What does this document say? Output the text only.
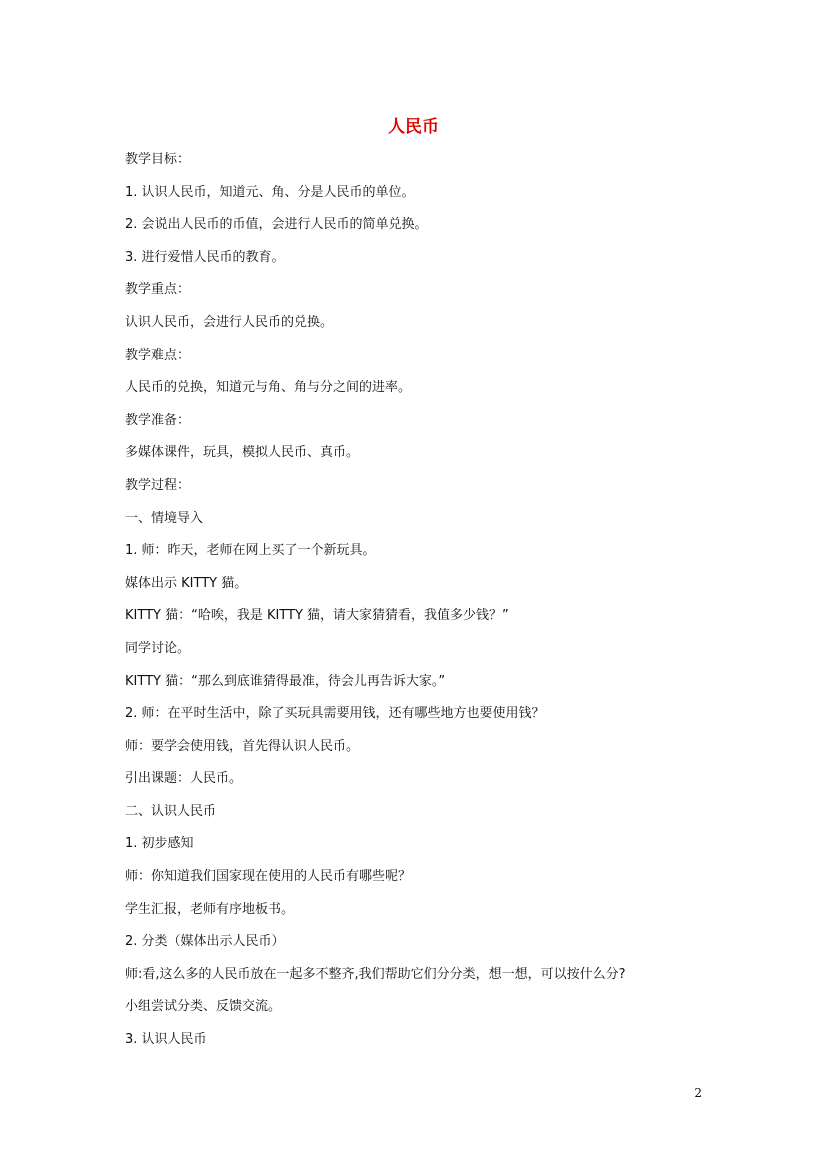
人民币
教学目标：
1. 认识人民币，知道元、角、分是人民币的单位。
2. 会说出人民币的币值，会进行人民币的简单兑换。
3. 进行爱惜人民币的教育。
教学重点：
认识人民币，会进行人民币的兑换。
教学难点：
人民币的兑换，知道元与角、角与分之间的进率。
教学准备：
多媒体课件，玩具，模拟人民币、真币。
教学过程：
一、情境导入
1. 师：昨天，老师在网上买了一个新玩具。
媒体出示 KITTY 猫。
KITTY 猫：“哈唉，我是 KITTY 猫，请大家猜猜看，我值多少钱？”
同学讨论。
KITTY 猫：“那么到底谁猜得最准，待会儿再告诉大家。”
2. 师：在平时生活中，除了买玩具需要用钱，还有哪些地方也要使用钱？
师：要学会使用钱，首先得认识人民币。
引出课题：人民币。
二、认识人民币
1. 初步感知
师：你知道我们国家现在使用的人民币有哪些呢？
学生汇报，老师有序地板书。
2. 分类（媒体出示人民币）
师:看,这么多的人民币放在一起多不整齐,我们帮助它们分分类，想一想，可以按什么分?
小组尝试分类、反馈交流。
3. 认识人民币
2
